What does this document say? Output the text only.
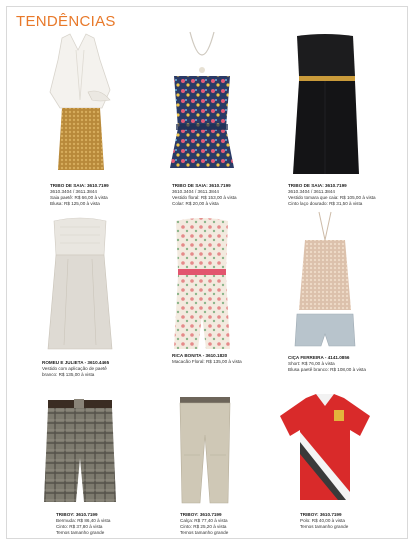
TENDÊNCIAS
TRIBO DE SAIA: 3610.7199
3610.3404 / 3611.3844
Saia paetê: R$ 66,00 à vista
Blusa: R$ 125,00 à vista
TRIBO DE SAIA: 3610.7199
3610.3404 / 3611.3844
Vestido floral: R$ 153,00 à vista
Colar: R$ 20,00 à vista
TRIBO DE SAIA: 3610.7199
3610.3404 / 3611.3844
Vestido tomara que caia: R$ 105,00 à vista
Cinto laço dourado: R$ 31,50 à vista
ROMEU E JULIETA - 3610.4465
Vestido com aplicação de paetê
branco: R$ 135,00 à vista
RICA BONITA - 3610.1820
Macacão Floral: R$ 135,00 à vista
CIÇA FERREIRA - 4141.0856
Short: R$ 76,00 à vista
Blusa paetê branco: R$ 108,00 à vista
TRIBOY: 3610.7199
Bermuda: R$ 86,40 à vista
Cinto: R$ 37,80 à vista
Temos tamanho grande
TRIBOY: 3610.7199
Calça: R$ 77,40 à vista
Cinto: R$ 25,20 à vista
Temos tamanho grande
TRIBOY: 3610.7199
Polo: R$ 40,00 à vista
Temos tamanho grande
